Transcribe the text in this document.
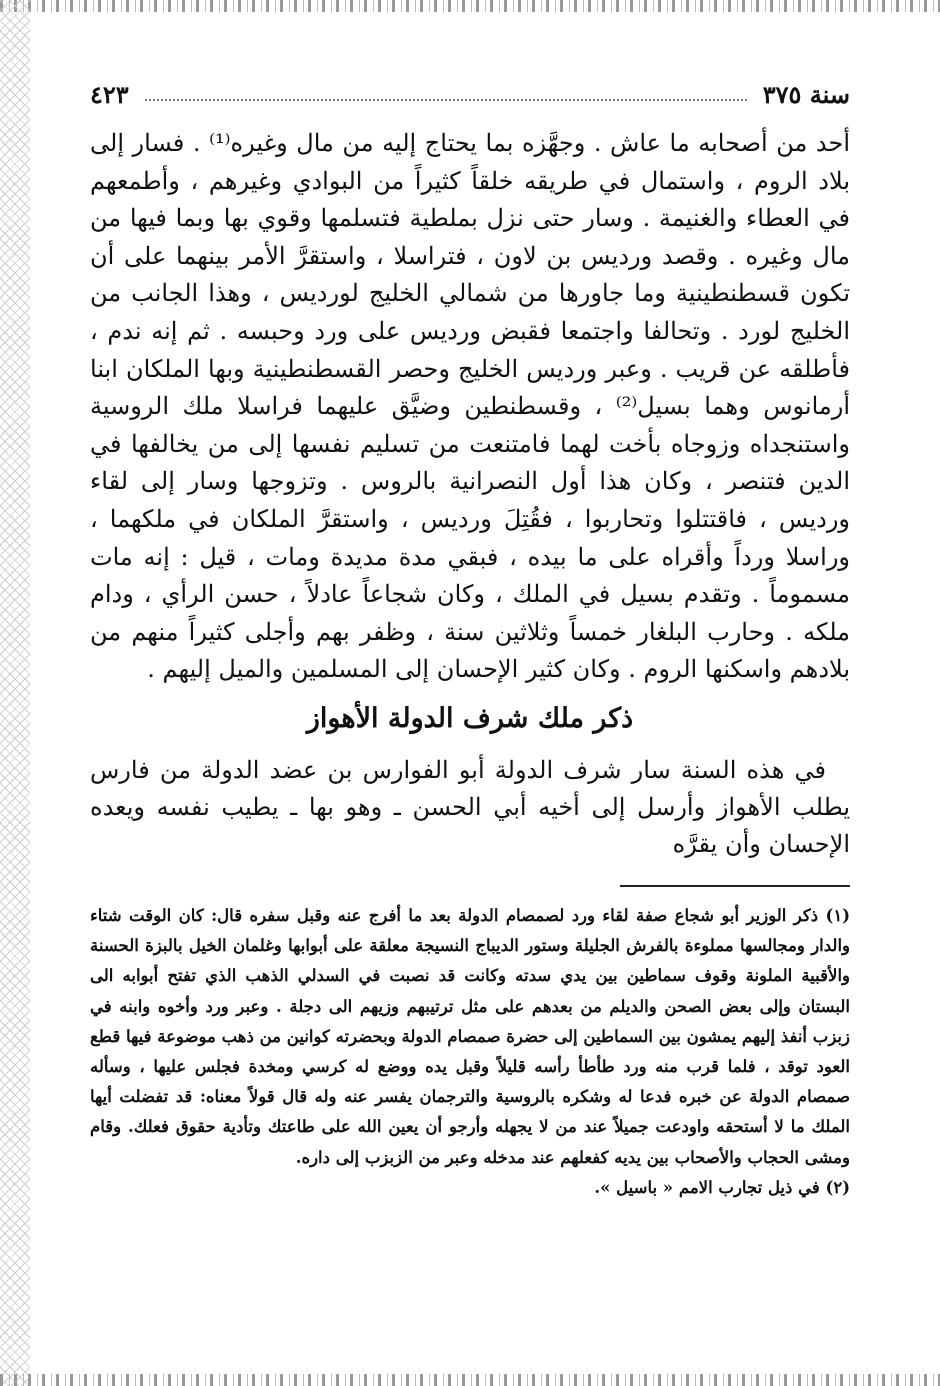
سنة ٣٧٥
٤٢٣

أحد من أصحابه ما عاش . وجهَّزه بما يحتاج إليه من مال وغيره⁽¹⁾ . فسار إلى بلاد الروم ، واستمال في طريقه خلقاً كثيراً من البوادي وغيرهم ، وأطمعهم في العطاء والغنيمة . وسار حتى نزل بملطية فتسلمها وقوي بها وبما فيها من مال وغيره . وقصد ورديس بن لاون ، فتراسلا ، واستقرَّ الأمر بينهما على أن تكون قسطنطينية وما جاورها من شمالي الخليج لورديس ، وهذا الجانب من الخليج لورد . وتحالفا واجتمعا فقبض ورديس على ورد وحبسه . ثم إنه ندم ، فأطلقه عن قريب . وعبر ورديس الخليج وحصر القسطنطينية وبها الملكان ابنا أرمانوس وهما بسيل⁽²⁾ ، وقسطنطين وضيَّق عليهما فراسلا ملك الروسية واستنجداه وزوجاه بأخت لهما فامتنعت من تسليم نفسها إلى من يخالفها في الدين فتنصر ، وكان هذا أول النصرانية بالروس . وتزوجها وسار إلى لقاء ورديس ، فاقتتلوا وتحاربوا ، فقُتِلَ ورديس ، واستقرَّ الملكان في ملكهما ، وراسلا ورداً وأقراه على ما بيده ، فبقي مدة مديدة ومات ، قيل : إنه مات مسموماً . وتقدم بسيل في الملك ، وكان شجاعاً عادلاً ، حسن الرأي ، ودام ملكه . وحارب البلغار خمساً وثلاثين سنة ، وظفر بهم وأجلى كثيراً منهم من بلادهم واسكنها الروم . وكان كثير الإحسان إلى المسلمين والميل إليهم .

ذكر ملك شرف الدولة الأهواز

في هذه السنة سار شرف الدولة أبو الفوارس بن عضد الدولة من فارس يطلب الأهواز وأرسل إلى أخيه أبي الحسن ـ وهو بها ـ يطيب نفسه ويعده الإحسان وأن يقرَّه

(١) ذكر الوزير أبو شجاع صفة لقاء ورد لصمصام الدولة بعد ما أفرج عنه وقبل سفره قال: كان الوقت شتاء والدار ومجالسها مملوءة بالفرش الجليلة وستور الديباج النسيجة معلقة على أبوابها وغلمان الخيل بالبزة الحسنة والأقبية الملونة وقوف سماطين بين يدي سدته وكانت قد نصبت في السدلي الذهب الذي تفتح أبوابه الى البستان وإلى بعض الصحن والديلم من بعدهم على مثل ترتيبهم وزيهم الى دجلة . وعبر ورد وأخوه وابنه في زبزب أنفذ إليهم يمشون بين السماطين إلى حضرة صمصام الدولة وبحضرته كوانين من ذهب موضوعة فيها قطع العود توقد ، فلما قرب منه ورد طأطأ رأسه قليلاً وقبل يده ووضع له كرسي ومخدة فجلس عليها ، وسأله صمصام الدولة عن خبره فدعا له وشكره بالروسية والترجمان يفسر عنه وله قال قولاً معناه: قد تفضلت أيها الملك ما لا أستحقه واودعت جميلاً عند من لا يجهله وأرجو أن يعين الله على طاعتك وتأدية حقوق فعلك. وقام ومشى الحجاب والأصحاب بين يديه كفعلهم عند مدخله وعبر من الزبزب إلى داره.

(٢) في ذيل تجارب الامم « باسيل ».
